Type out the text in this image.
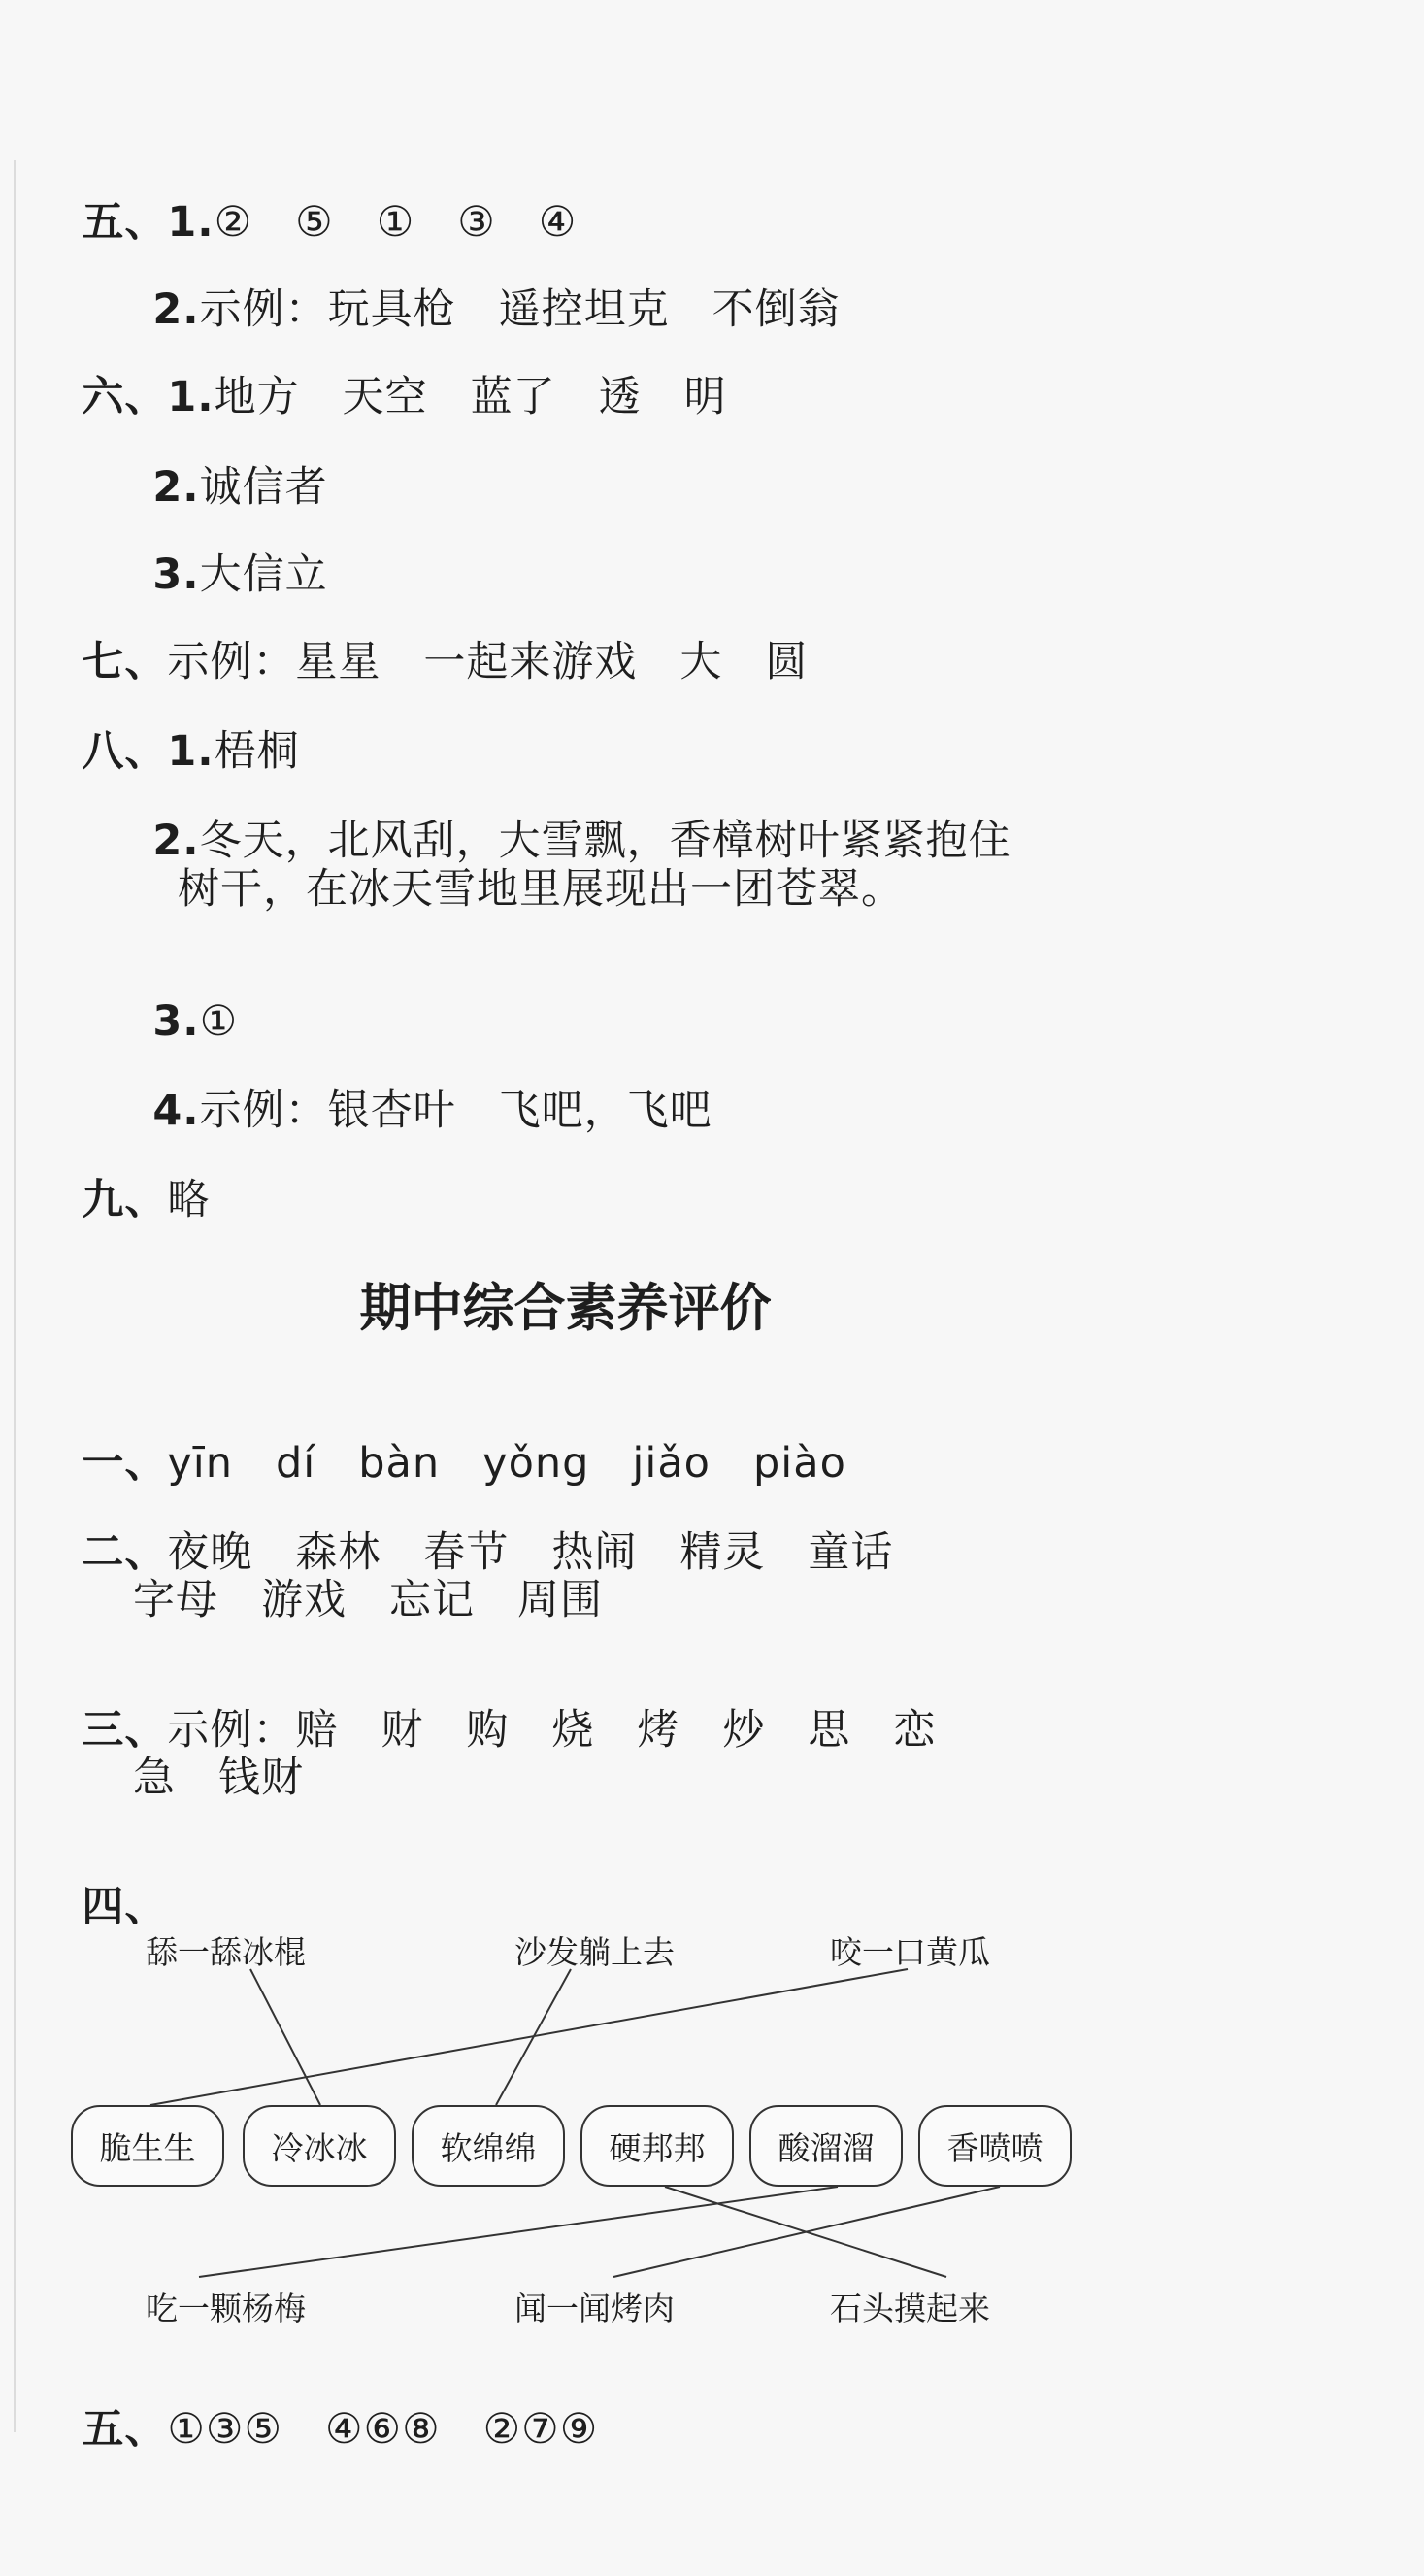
五、1.②　⑤　①　③　④

2.示例：玩具枪　遥控坦克　不倒翁

六、1.地方　天空　蓝了　透　明

2.诚信者

3.大信立

七、示例：星星　一起来游戏　大　圆

八、1.梧桐

2.冬天，北风刮，大雪飘，香樟树叶紧紧抱住

树干，在冰天雪地里展现出一团苍翠。

3.①

4.示例：银杏叶　飞吧，飞吧

九、略

期中综合素养评价

一、yīn　dí　bàn　yǒng　jiǎo　piào

二、夜晚　森林　春节　热闹　精灵　童话

字母　游戏　忘记　周围

三、示例：赔　财　购　烧　烤　炒　思　恋

急　钱财

四、

舔一舔冰棍	沙发躺上去	咬一口黄瓜
脆生生	冷冰冰	软绵绵	硬邦邦	酸溜溜	香喷喷
吃一颗杨梅	闻一闻烤肉	石头摸起来

五、①③⑤　④⑥⑧　②⑦⑨
